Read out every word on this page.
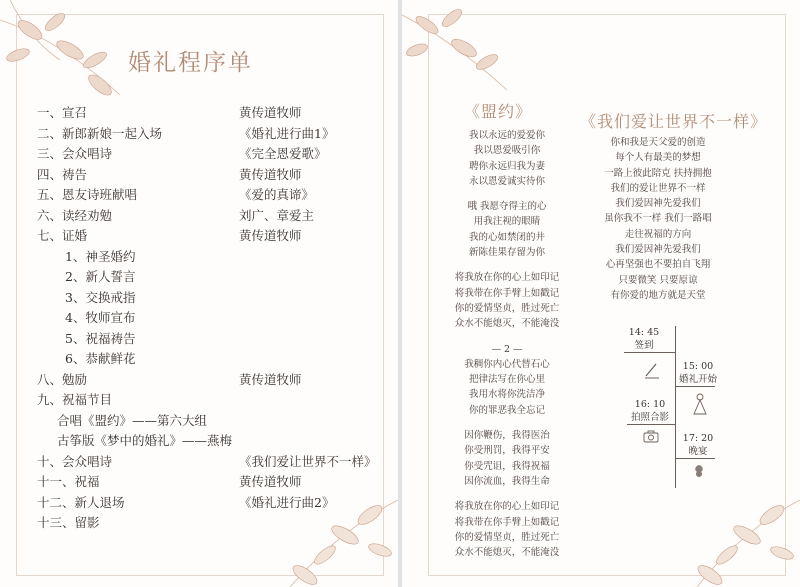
婚礼程序单
一、宣召	黄传道牧师
二、新郎新娘一起入场	《婚礼进行曲1》
三、会众唱诗	《完全恩爱歌》
四、祷告	黄传道牧师
五、恩友诗班献唱	《爱的真谛》
六、读经劝勉	刘广、章爱主
七、证婚	黄传道牧师
1、神圣婚约
2、新人誓言
3、交换戒指
4、牧师宣布
5、祝福祷告
6、恭献鲜花
八、勉励	黄传道牧师
九、祝福节目
合唱《盟约》——第六大组
古筝版《梦中的婚礼》——燕梅
十、会众唱诗	《我们爱让世界不一样》
十一、祝福	黄传道牧师
十二、新人退场	《婚礼进行曲2》
十三、留影
《盟约》
我以永远的爱爱你
我以恩爱吸引你
聘你永远归我为妻
永以恩爱诚实待你
哦 我愿夺得主的心
用我注视的眼睛
我的心如禁闭的井
新陈佳果存留为你
将我放在你的心上如印记
将我带在你手臂上如戳记
你的爱情坚贞，胜过死亡
众水不能熄灭，不能淹没
— 2 —
我稠你内心代替石心
把律法写在你心里
我用水将你洗洁净
你的罪恶我全忘记
因你鞭伤，我得医治
你受刑罚，我得平安
你受咒诅，我得祝福
因你流血，我得生命
将我放在你的心上如印记
将我带在你手臂上如戳记
你的爱情坚贞，胜过死亡
众水不能熄灭，不能淹没
《我们爱让世界不一样》
你和我是天父爱的创造
每个人有最美的梦想
一路上彼此陪克 扶持拥抱
我们的爱让世界不一样
我们爱因神先爱我们
虽你我不一样 我们一路唱
走往祝福的方向
我们爱因神先爱我们
心再坚强也不要拍自飞翔
只要微笑 只要原谅
有你爱的地方就是天堂
14: 45
签到
15: 00
婚礼开始
16: 10
拍照合影
17: 20
晚宴
